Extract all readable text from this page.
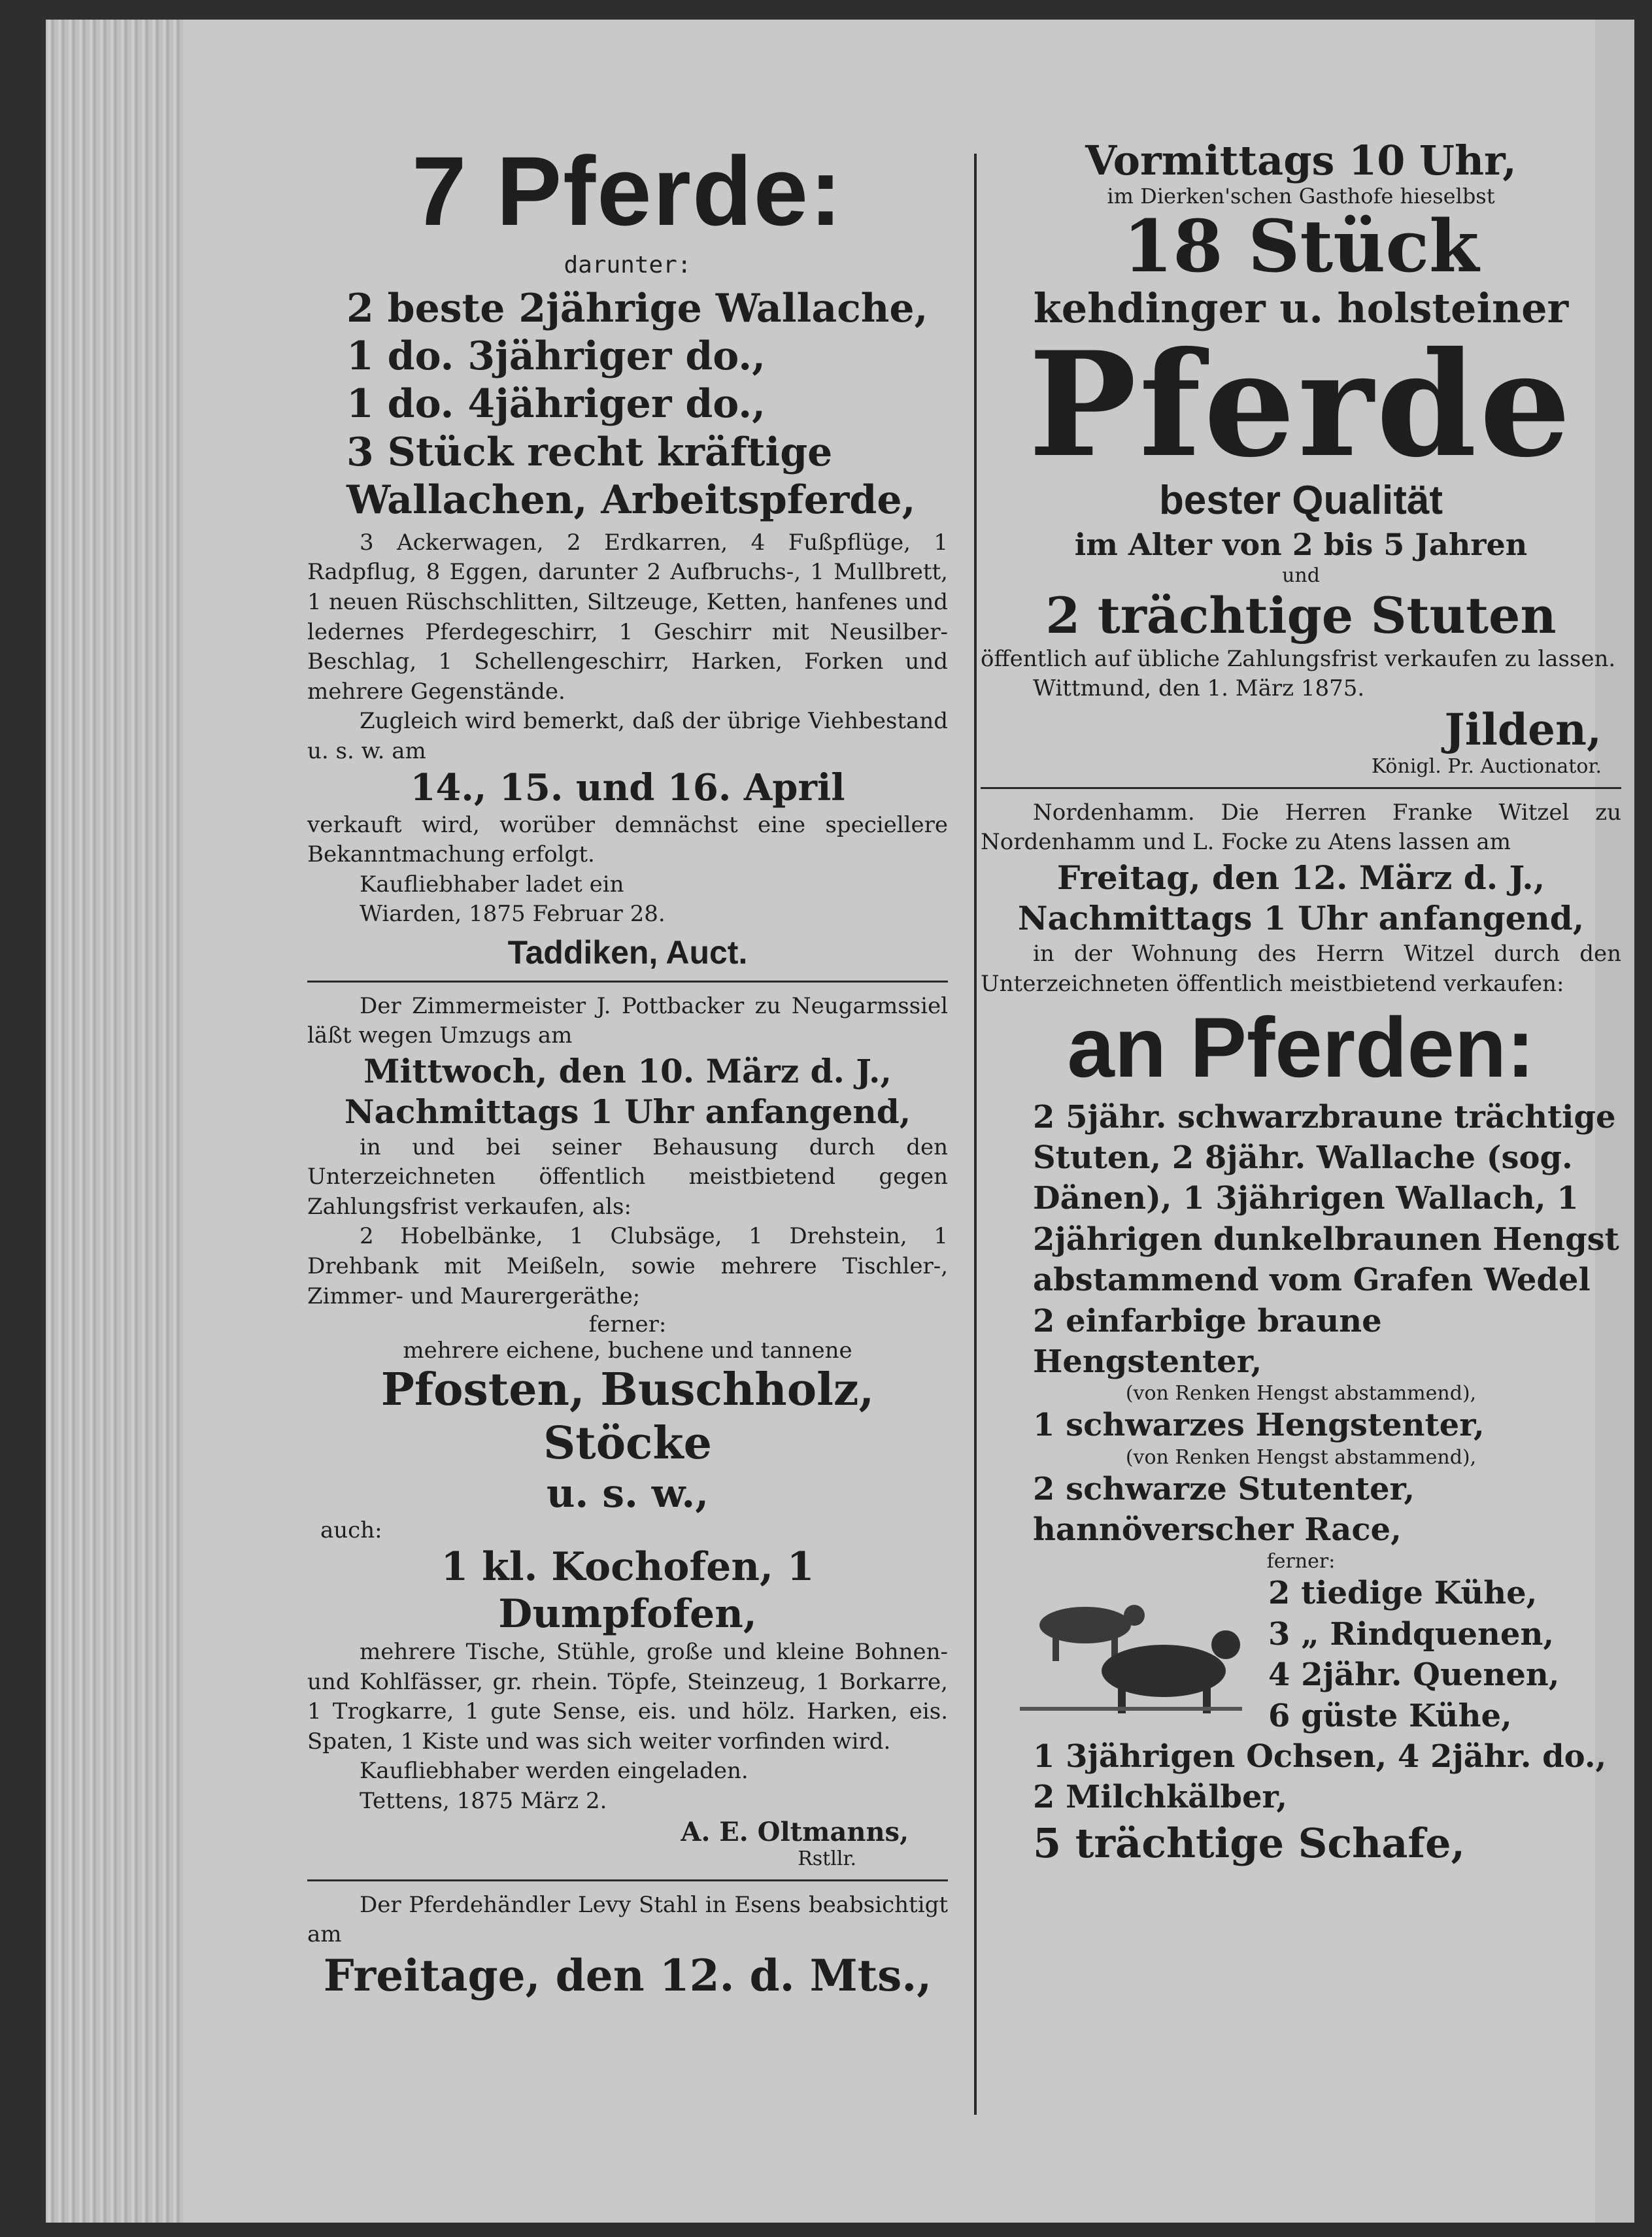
7 Pferde:
darunter:
2 beste 2jährige Wallache,
1 do. 3jähriger do.,
1 do. 4jähriger do.,
3 Stück recht kräftige
Wallachen, Arbeitspferde,

3 Ackerwagen, 2 Erdkarren, 4 Fußpflüge, 1 Radpflug, 8 Eggen, darunter 2 Aufbruchs-, 1 Mullbrett, 1 neuen Rüschschlitten, Siltzeuge, Ketten, hanfenes und ledernes Pferdegeschirr, 1 Geschirr mit Neusilber-Beschlag, 1 Schellengeschirr, Harken, Forken und mehrere Gegenstände.

Zugleich wird bemerkt, daß der übrige Viehbestand u. s. w. am

14., 15. und 16. April

verkauft wird, worüber demnächst eine speciellere Bekanntmachung erfolgt.

Kaufliebhaber ladet ein

Wiarden, 1875 Februar 28.

Taddiken, Auct.

Der Zimmermeister J. Pottbacker zu Neugarmssiel läßt wegen Umzugs am

Mittwoch, den 10. März d. J.,
Nachmittags 1 Uhr anfangend,

in und bei seiner Behausung durch den Unterzeichneten öffentlich meistbietend gegen Zahlungsfrist verkaufen, als:

2 Hobelbänke, 1 Clubsäge, 1 Drehstein, 1 Drehbank mit Meißeln, sowie mehrere Tischler-, Zimmer- und Maurergeräthe;

ferner:
mehrere eichene, buchene und tannene
Pfosten, Buschholz, Stöcke
u. s. w.,
auch:
1 kl. Kochofen, 1 Dumpfofen,

mehrere Tische, Stühle, große und kleine Bohnen- und Kohlfässer, gr. rhein. Töpfe, Steinzeug, 1 Borkarre, 1 Trogkarre, 1 gute Sense, eis. und hölz. Harken, eis. Spaten, 1 Kiste und was sich weiter vorfinden wird.

Kaufliebhaber werden eingeladen.

Tettens, 1875 März 2.

A. E. Oltmanns,
Rstllr.

Der Pferdehändler Levy Stahl in Esens beabsichtigt am

Freitage, den 12. d. Mts.,
Vormittags 10 Uhr,
im Dierken'schen Gasthofe hieselbst
18 Stück
kehdinger u. holsteiner
Pferde
bester Qualität
im Alter von 2 bis 5 Jahren
und
2 trächtige Stuten

öffentlich auf übliche Zahlungsfrist verkaufen zu lassen.

Wittmund, den 1. März 1875.

Jilden,
Königl. Pr. Auctionator.

Nordenhamm. Die Herren Franke Witzel zu Nordenhamm und L. Focke zu Atens lassen am

Freitag, den 12. März d. J.,
Nachmittags 1 Uhr anfangend,

in der Wohnung des Herrn Witzel durch den Unterzeichneten öffentlich meistbietend verkaufen:

an Pferden:

2 5jähr. schwarzbraune trächtige Stuten, 2 8jähr. Wallache (sog. Dänen), 1 3jährigen Wallach, 1 2jährigen dunkelbraunen Hengst abstammend vom Grafen Wedel

2 einfarbige braune Hengstenter,
(von Renken Hengst abstammend),
1 schwarzes Hengstenter,
(von Renken Hengst abstammend),
2 schwarze Stutenter, hannöverscher Race,
ferner:
2 tiedige Kühe,
3 „ Rindquenen,
4 2jähr. Quenen,
6 güste Kühe,
1 3jährigen Ochsen, 4 2jähr. do.,
2 Milchkälber,
5 trächtige Schafe,
